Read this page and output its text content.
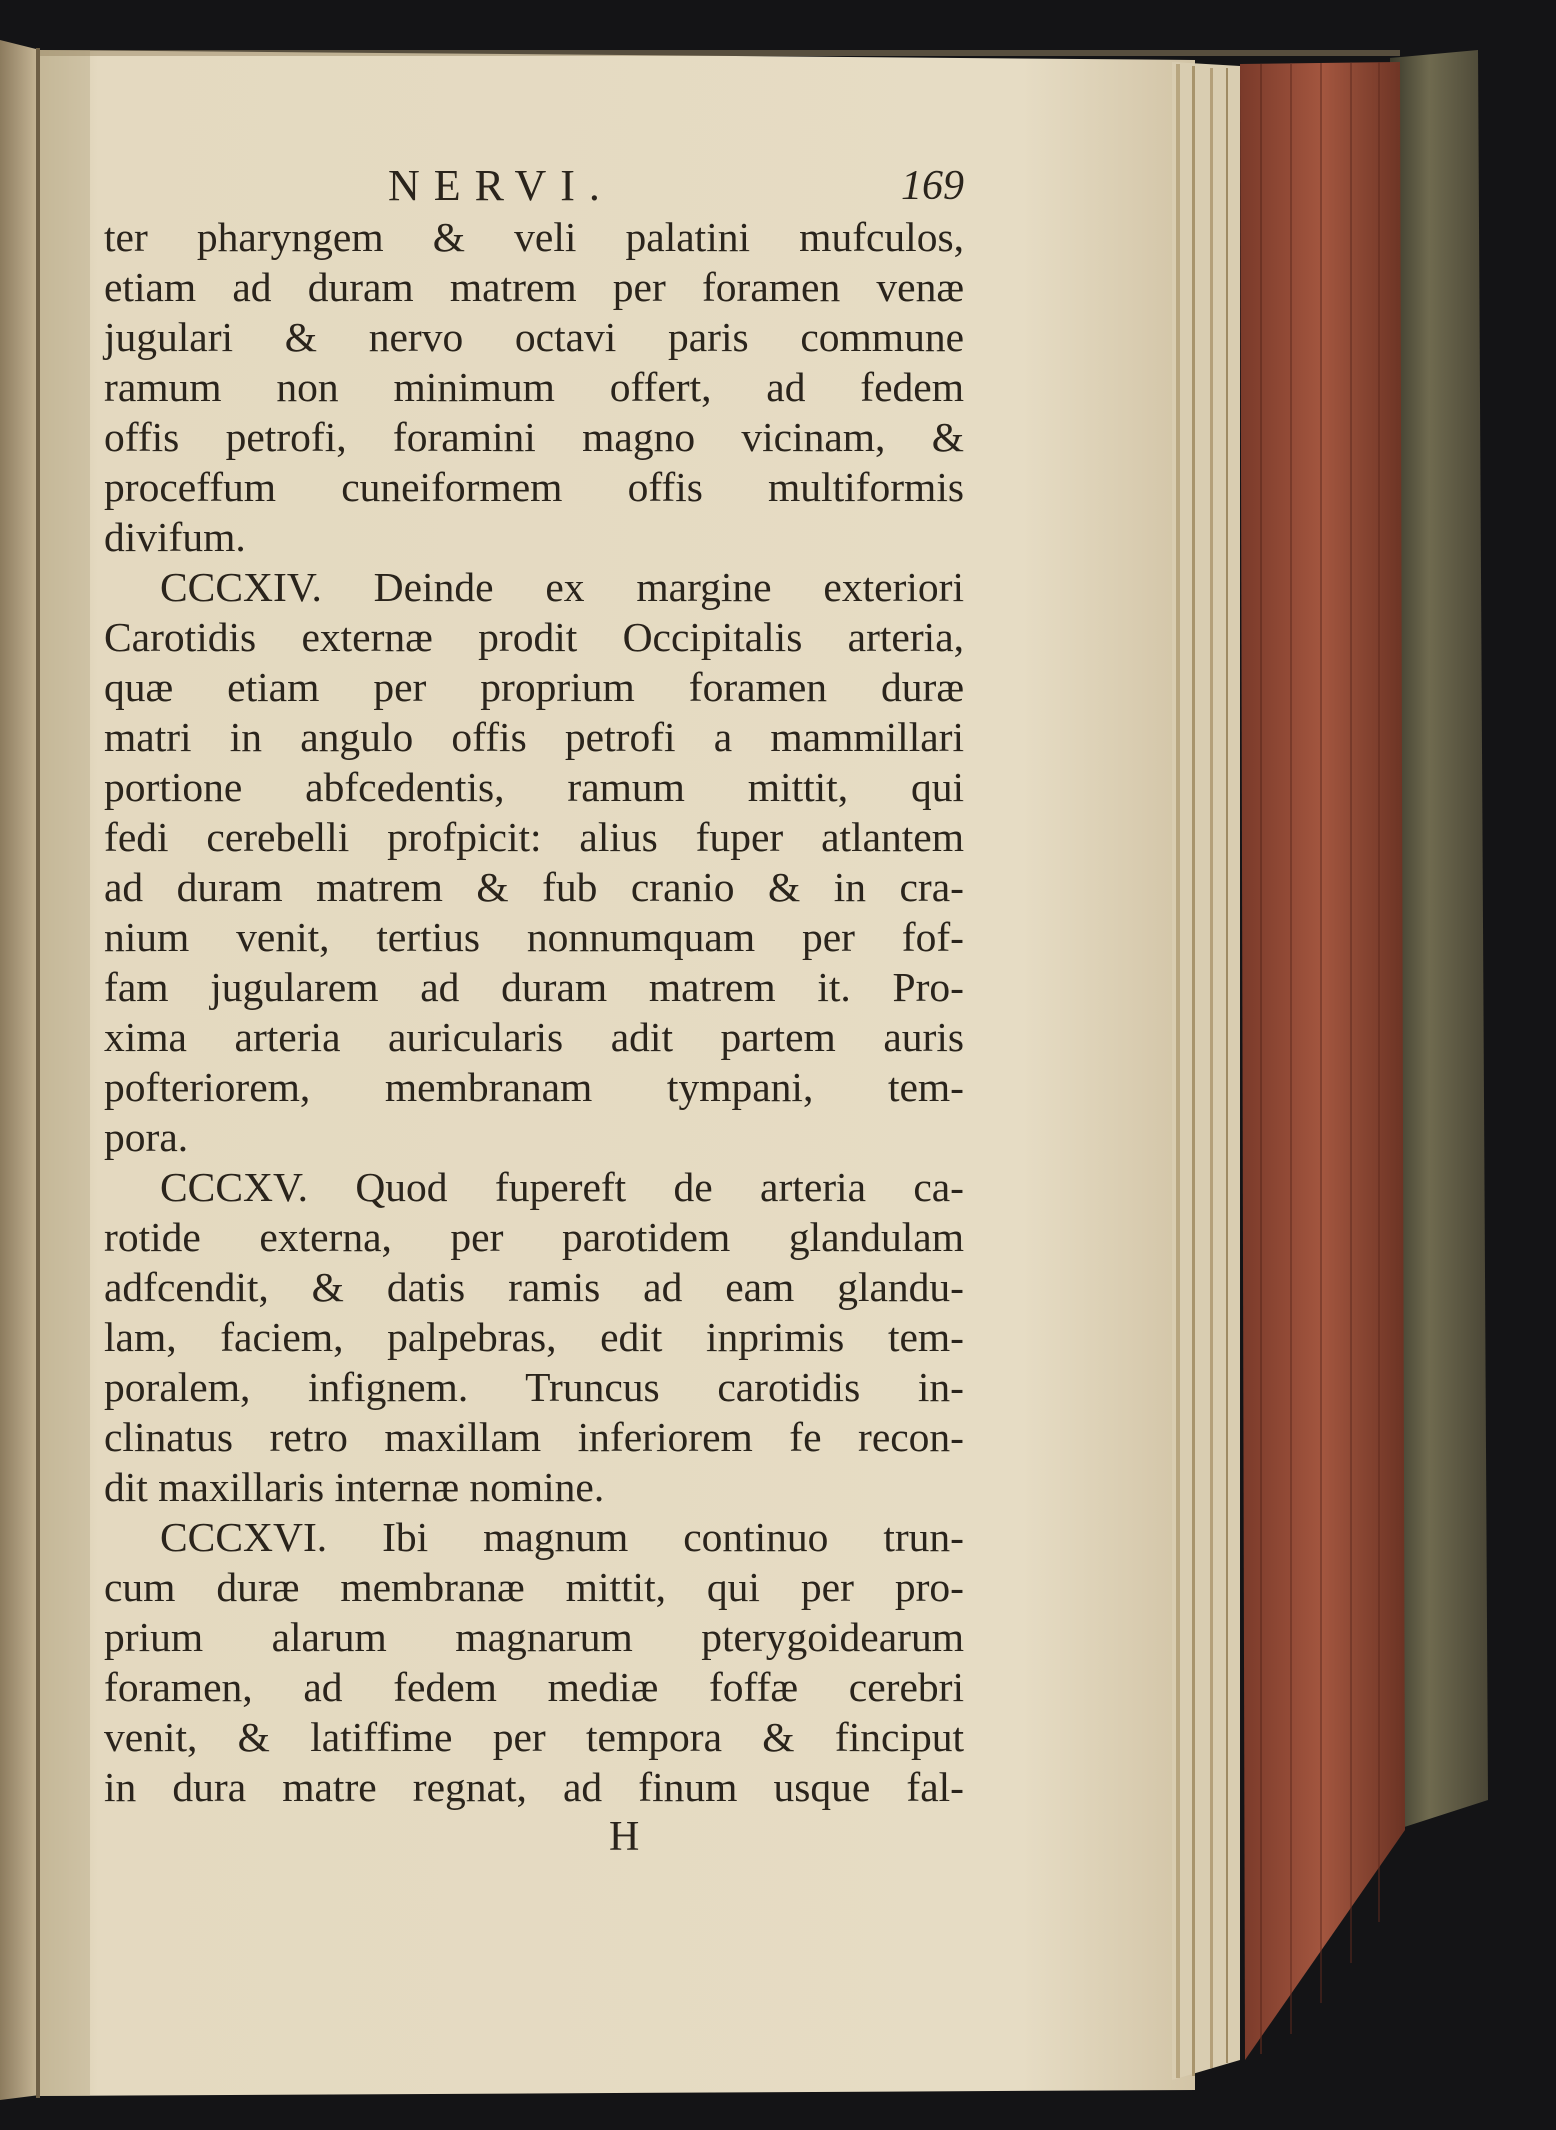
NERVI.	169
ter pharyngem & veli palatini mufculos,
etiam ad duram matrem per foramen venæ
jugulari & nervo octavi paris commune
ramum non minimum offert, ad fedem
offis petrofi, foramini magno vicinam, &
proceffum cuneiformem offis multiformis
divifum.
CCCXIV. Deinde ex margine exteriori
Carotidis externæ prodit Occipitalis arteria,
quæ etiam per proprium foramen duræ
matri in angulo offis petrofi a mammillari
portione abfcedentis, ramum mittit, qui
fedi cerebelli profpicit: alius fuper atlantem
ad duram matrem & fub cranio & in cra-
nium venit, tertius nonnumquam per fof-
fam jugularem ad duram matrem it. Pro-
xima arteria auricularis adit partem auris
pofteriorem, membranam tympani, tem-
pora.
CCCXV. Quod fupereft de arteria ca-
rotide externa, per parotidem glandulam
adfcendit, & datis ramis ad eam glandu-
lam, faciem, palpebras, edit inprimis tem-
poralem, infignem. Truncus carotidis in-
clinatus retro maxillam inferiorem fe recon-
dit maxillaris internæ nomine.
CCCXVI. Ibi magnum continuo trun-
cum duræ membranæ mittit, qui per pro-
prium alarum magnarum pterygoidearum
foramen, ad fedem mediæ foffæ cerebri
venit, & latiffime per tempora & finciput
in dura matre regnat, ad finum usque fal-
H
